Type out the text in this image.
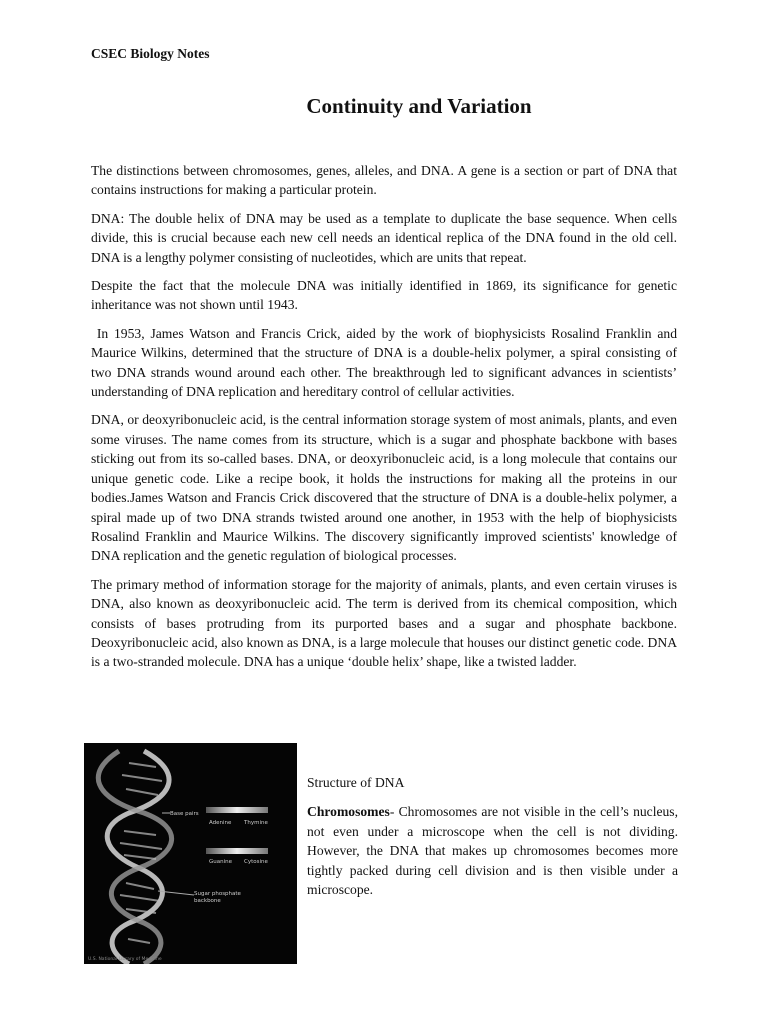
CSEC Biology Notes
Continuity and Variation

The distinctions between chromosomes, genes, alleles, and DNA. A gene is a section or part of DNA that contains instructions for making a particular protein.

DNA: The double helix of DNA may be used as a template to duplicate the base sequence. When cells divide, this is crucial because each new cell needs an identical replica of the DNA found in the old cell. DNA is a lengthy polymer consisting of nucleotides, which are units that repeat.

Despite the fact that the molecule DNA was initially identified in 1869, its significance for genetic inheritance was not shown until 1943.

In 1953, James Watson and Francis Crick, aided by the work of biophysicists Rosalind Franklin and Maurice Wilkins, determined that the structure of DNA is a double-helix polymer, a spiral consisting of two DNA strands wound around each other. The breakthrough led to significant advances in scientists’ understanding of DNA replication and hereditary control of cellular activities.

DNA, or deoxyribonucleic acid, is the central information storage system of most animals, plants, and even some viruses. The name comes from its structure, which is a sugar and phosphate backbone with bases sticking out from its so-called bases. DNA, or deoxyribonucleic acid, is a long molecule that contains our unique genetic code. Like a recipe book, it holds the instructions for making all the proteins in our bodies.James Watson and Francis Crick discovered that the structure of DNA is a double-helix polymer, a spiral made up of two DNA strands twisted around one another, in 1953 with the help of biophysicists Rosalind Franklin and Maurice Wilkins. The discovery significantly improved scientists' knowledge of DNA replication and the genetic regulation of biological processes.

The primary method of information storage for the majority of animals, plants, and even certain viruses is DNA, also known as deoxyribonucleic acid. The term is derived from its chemical composition, which consists of bases protruding from its purported bases and a sugar and phosphate backbone. Deoxyribonucleic acid, also known as DNA, is a large molecule that houses our distinct genetic code. DNA is a two-stranded molecule. DNA has a unique ‘double helix’ shape, like a twisted ladder.

Base pairs
Adenine Thymine
Guanine Cytosine
Sugar phosphate
backbone
U.S. National Library of Medicine

Structure of DNA

Chromosomes- Chromosomes are not visible in the cell’s nucleus, not even under a microscope when the cell is not dividing. However, the DNA that makes up chromosomes becomes more tightly packed during cell division and is then visible under a microscope.
